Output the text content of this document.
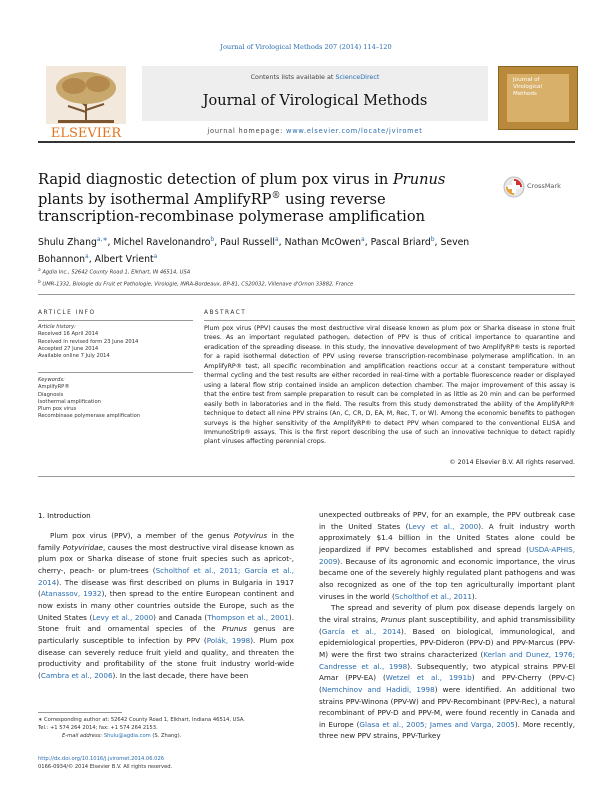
Journal of Virological Methods 207 (2014) 114–120
ELSEVIER
Contents lists available at ScienceDirect
Journal of Virological Methods
Journal of
Virological
Methods
journal homepage: www.elsevier.com/locate/jviromet
Rapid diagnostic detection of plum pox virus in Prunus plants by isothermal AmplifyRP® using reverse transcription-recombinase polymerase amplification
CrossMark
Shulu Zhang$^{a,∗}$, Michel Ravelonandro$^b$, Paul Russell$^a$, Nathan McOwen$^a$, Pascal Briard$^b$, Seven Bohannon$^a$, Albert Vrient$^a$
$^a$ Agdia Inc., 52642 County Road 1, Elkhart, IN 46514, USA
$^b$ UMR-1332, Biologie du Fruit et Pathologie, Virologie, INRA-Bordeaux, BP-81, CS20032, Villenave d'Ornon 33882, France
ARTICLE INFO
Article history:
Received 16 April 2014
Received in revised form 23 June 2014
Accepted 27 June 2014
Available online 7 July 2014
Keywords:
AmplifyRP®
Diagnosis
Isothermal amplification
Plum pox virus
Recombinase polymerase amplification
ABSTRACT
Plum pox virus (PPV) causes the most destructive viral disease known as plum pox or Sharka disease in stone fruit trees. As an important regulated pathogen, detection of PPV is thus of critical importance to quarantine and eradication of the spreading disease. In this study, the innovative development of two AmplifyRP® tests is reported for a rapid isothermal detection of PPV using reverse transcription-recombinase polymerase amplification. In an AmplifyRP® test, all specific recombination and amplification reactions occur at a constant temperature without thermal cycling and the test results are either recorded in real-time with a portable fluorescence reader or displayed using a lateral flow strip contained inside an amplicon detection chamber. The major improvement of this assay is that the entire test from sample preparation to result can be completed in as little as 20 min and can be performed easily both in laboratories and in the field. The results from this study demonstrated the ability of the AmplifyRP® technique to detect all nine PPV strains (An, C, CR, D, EA, M, Rec, T, or W). Among the economic benefits to pathogen surveys is the higher sensitivity of the AmplifyRP® to detect PPV when compared to the conventional ELISA and ImmunoStrip® assays. This is the first report describing the use of such an innovative technique to detect rapidly plant viruses affecting perennial crops.
© 2014 Elsevier B.V. All rights reserved.
1. Introduction

Plum pox virus (PPV), a member of the genus Potyvirus in the family Potyviridae, causes the most destructive viral disease known as plum pox or Sharka disease of stone fruit species such as apricot-, cherry-, peach- or plum-trees (Scholthof et al., 2011; García et al., 2014). The disease was first described on plums in Bulgaria in 1917 (Atanassov, 1932), then spread to the entire European continent and now exists in many other countries outside the Europe, such as the United States (Levy et al., 2000) and Canada (Thompson et al., 2001). Stone fruit and ornamental species of the Prunus genus are particularly susceptible to infection by PPV (Polák, 1998). Plum pox disease can severely reduce fruit yield and quality, and threaten the productivity and profitability of the stone fruit industry world-wide (Cambra et al., 2006). In the last decade, there have been

unexpected outbreaks of PPV, for an example, the PPV outbreak case in the United States (Levy et al., 2000). A fruit industry worth approximately $1.4 billion in the United States alone could be jeopardized if PPV becomes established and spread (USDA-APHIS, 2009). Because of its agronomic and economic importance, the virus became one of the severely highly regulated plant pathogens and was also recognized as one of the top ten agriculturally important plant viruses in the world (Scholthof et al., 2011).

The spread and severity of plum pox disease depends largely on the viral strains, Prunus plant susceptibility, and aphid transmissibility (García et al., 2014). Based on biological, immunological, and epidemiological properties, PPV-Dideron (PPV-D) and PPV-Marcus (PPV-M) were the first two strains characterized (Kerlan and Dunez, 1976; Candresse et al., 1998). Subsequently, two atypical strains PPV-El Amar (PPV-EA) (Wetzel et al., 1991b) and PPV-Cherry (PPV-C) (Nemchinov and Hadidi, 1998) were identified. An additional two strains PPV-Winona (PPV-W) and PPV-Recombinant (PPV-Rec), a natural recombinant of PPV-D and PPV-M, were found recently in Canada and in Europe (Glasa et al., 2005; James and Varga, 2005). More recently, three new PPV strains, PPV-Turkey

∗ Corresponding author at: 52642 County Road 1, Elkhart, Indiana 46514, USA.
Tel.: +1 574 264 2014; fax: +1 574 264 2153.
E-mail address: Shulu@agdia.com (S. Zhang).
http://dx.doi.org/10.1016/j.jviromet.2014.06.026
0166-0934/© 2014 Elsevier B.V. All rights reserved.
